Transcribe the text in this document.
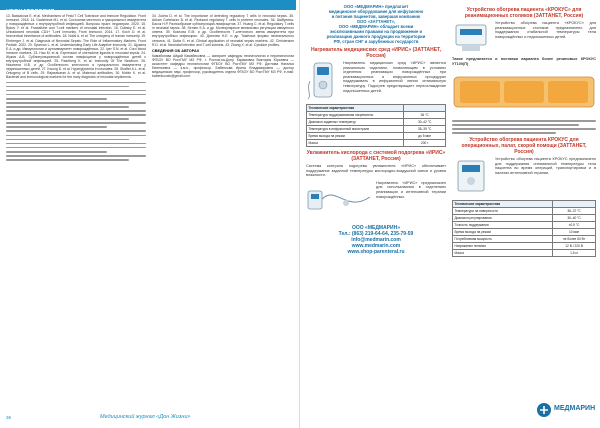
НЕОНАТОЛОГИЯ

13. Baskakova E. et al. Mechanisms of Fetal T Cell Tolerance and Immune Regulation. Front Immunol. 2018. 14. Gadzhieva M.I. et al. Состояние местного и гуморального иммунитета у новорождённых с внутриутробной инфекцией. Вопросы практ. педиатрии. 2020. 15. Bykov Y. et al. Fractalkine and T-cell markers of neonatal infection. 16. Dubsky E. et al. Unbalanced neonatal CD4+ T-cell immunity. Front Immunol. 2014. 17. Koch D. et al. Nonvertical inheritance of antibodies. 18. Nofal A. et al. The ontogeny of human immunity. 19. Ehrberger J. et al. Diagnosis of Neonatal Sepsis: The Role of Inflammatory Markers. Front Pediatr. 2022. 20. Sparrow L. et al. Understanding Early Life Adaptive Immunity. 21. Щукина Е.А. и др. Иммунология и аутоиммунитет новорождённых. 22. Iyer S.N. et al. Cord blood immune markers. 23. Hao M. et al. Expression of chemokine ligands in neonatal sepsis. 24. Жуков А.В. Субпопуляционный состав лимфоцитов у новорождённых детей с внутриутробной инфекцией. 25. Paarlberg K. et al. Immunity Of The Newborn. 26. Никитина И.В. и др. Особенности клеточного и гуморального иммунитета у недоношенных детей. 27. Kwong D. et al. Hyperglycemia in neonates. 28. Shaffer A.L. et al. Ontogeny of B cells. 29. Rajasekaran A. et al. Maternal antibodies. 30. Mobin K. et al. Bacterial and immunological markers for the early diagnosis of neonatal septicemia.

34. Zuleta D. et al. The importance of detecting regulatory T cells in neonatal sepsis. 35. Arikan Cortelazzo B. et al. Reduced regulatory T cells in preterm neonates. 36. Шабунина-Басок Н.Р. Разнообразие субпопуляций лимфоцитов. 37. Huang C. et al. Regulatory T cells in neonatal sepsis. 38. Semen Е.А. и др. Молекулярные механизмы регуляции иммунного ответа. 39. Козлова Е.М. и др. Особенности Т-клеточного звена иммунитета при внутриутробных инфекциях. 40. Дятлова Н.Е. и др. Тяжёлые формы неонатального сепсиса. 41. Dutta S. et al. Clinical application of neonatal sepsis markers. 42. Christensen R.D. et al. Neonatal infection and T-cell subsets. 43. Zhang X. et al. Cytokine profiles.

СВЕДЕНИЯ ОБ АВТОРАХ

Камабонова Айдай Камабековна — аспирант кафедры неонатологии и перинатологии ФГБОУ ВО РостГМУ МЗ РФ, г. Ростов-на-Дону. Карамовна Виктория Юрьевна — ассистент кафедры неонатологии ФГБОУ ВО РостГМУ МЗ РФ. Дятлова Наталья Евгеньевна — к.м.н., профессор. Бабенкова Ирина Владимировна — доктор медицинских наук, профессор, руководитель отдела ФГБОУ ВО РостГМУ МЗ РФ, е-mail: babenkovaiv@gmail.com.

36	Медицинский журнал «Дон Жизни»
ООО «МЕДМАРИН» предлагает
медицинское оборудование для инфузионно
и питания пациентов, завершая компанию
ООО «ЗАТТАНЕТ»,
ООО «МЕДМАРИН» обладает всеми
эксклюзивными правами на продвижение и
реализацию данного продукции на территории
РФ, стран СНГ и зарубежных государств
Нагреватель медицинских сред «ИРИС» (ЗАТТАНЕТ, Россия)
Нагреватель медицинских сред «ИРИС» является уникальным изделием, позволяющим в условиях отделения реанимации новорождённых при реанимационных и инфузионных процедурах поддерживать в инфузионной линии оптимальную температуру. Подогрев предотвращает переохлаждение недоношенных детей.
Технические характеристики	
Температура поддерживаемая нагреватель	36 °C
Диапазон заданных температур	30–42 °C
Температура в инфузионной магистрали	35–39 °C
Время выхода на режим	до 5 мин
Масса	200 г
Увлажнитель кислорода с системой подогрева «ИРИС» (ЗАТТАНЕТ, Россия)
Система контроля подогрева увлажнителя «ИРИС» обеспечивает поддержание заданной температуры кислородно-воздушной смеси и уровня влажности.
Нагреватель «ИРИС» предназначен для использования в отделениях реанимации и интенсивной терапии новорождённых.
ООО «МЕДМАРИН»
Тел.: (863) 219-64-64, 235-79-59
info@medmarin.com
www.medmarin.com
www.shop-parenteral.ru
Устройство обогрева пациента «КРОКУС» для реанимационных столиков (ЗАТТАНЕТ, Россия)
Устройство обогрева пациента «КРОКУС» для реанимационных столиков предназначено для поддержания стабильной температуры тела новорождённых и недоношенных детей.
Также предлагается и поставки варианта более резиновых КРОКУС УТ100(П)
Устройство обогрева пациента КРОКУС для операционных, палат, скорой помощи (ЗАТТАНЕТ, Россия)
Устройство обогрева пациента КРОКУС предназначено для поддержания оптимальной температуры тела пациента во время операций, транспортировки и в палатах интенсивной терапии.
Технические характеристики	
Температура на поверхности	36–37 °C
Диапазон регулирования	30–40 °C
Точность поддержания	±0,5 °C
Время выхода на режим	10 мин
Потребляемая мощность	не более 60 Вт
Напряжение питания	12 В / 220 В
Масса	1,5 кг
МЕДМАРИН
